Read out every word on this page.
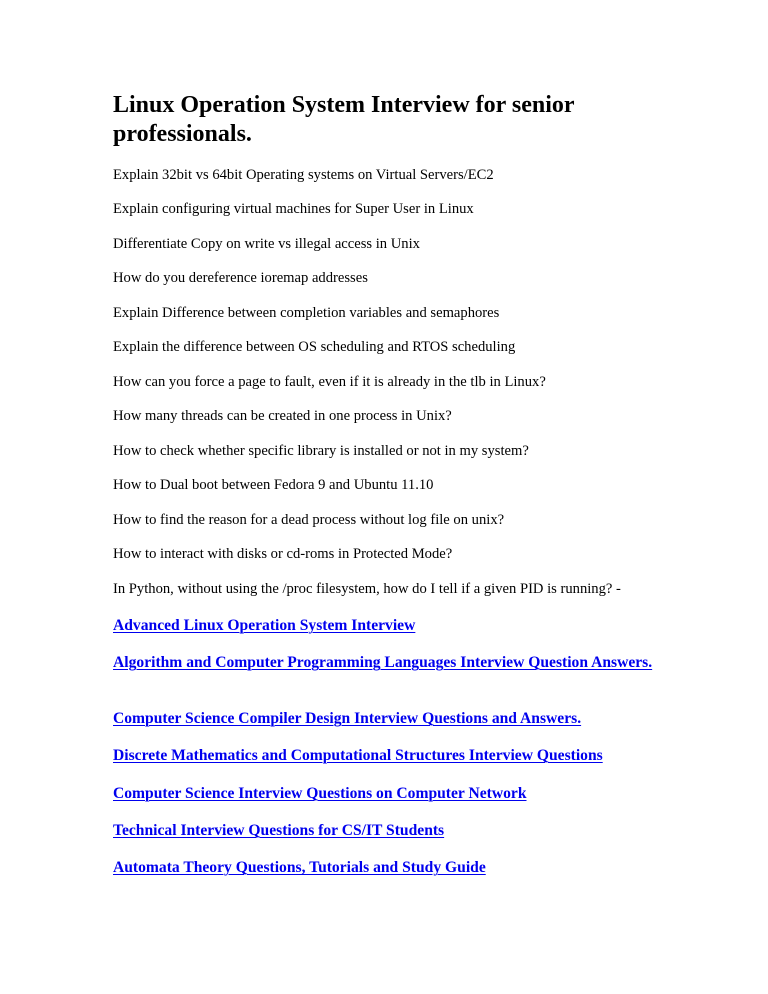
Linux Operation System Interview for senior professionals.
Explain 32bit vs 64bit Operating systems on Virtual Servers/EC2
Explain configuring virtual machines for Super User in Linux
Differentiate Copy on write vs illegal access in Unix
How do you dereference ioremap addresses
Explain Difference between completion variables and semaphores
Explain the difference between OS scheduling and RTOS scheduling
How can you force a page to fault, even if it is already in the tlb in Linux?
How many threads can be created in one process in Unix?
How to check whether specific library is installed or not in my system?
How to Dual boot between Fedora 9 and Ubuntu 11.10
How to find the reason for a dead process without log file on unix?
How to interact with disks or cd-roms in Protected Mode?
In Python, without using the /proc filesystem, how do I tell if a given PID is running? -
Advanced Linux Operation System Interview
Algorithm and Computer Programming Languages Interview Question Answers.
Computer Science Compiler Design Interview Questions and Answers.
Discrete Mathematics and Computational Structures Interview Questions
Computer Science Interview Questions on Computer Network
Technical Interview Questions for CS/IT Students
Automata Theory Questions, Tutorials and Study Guide
